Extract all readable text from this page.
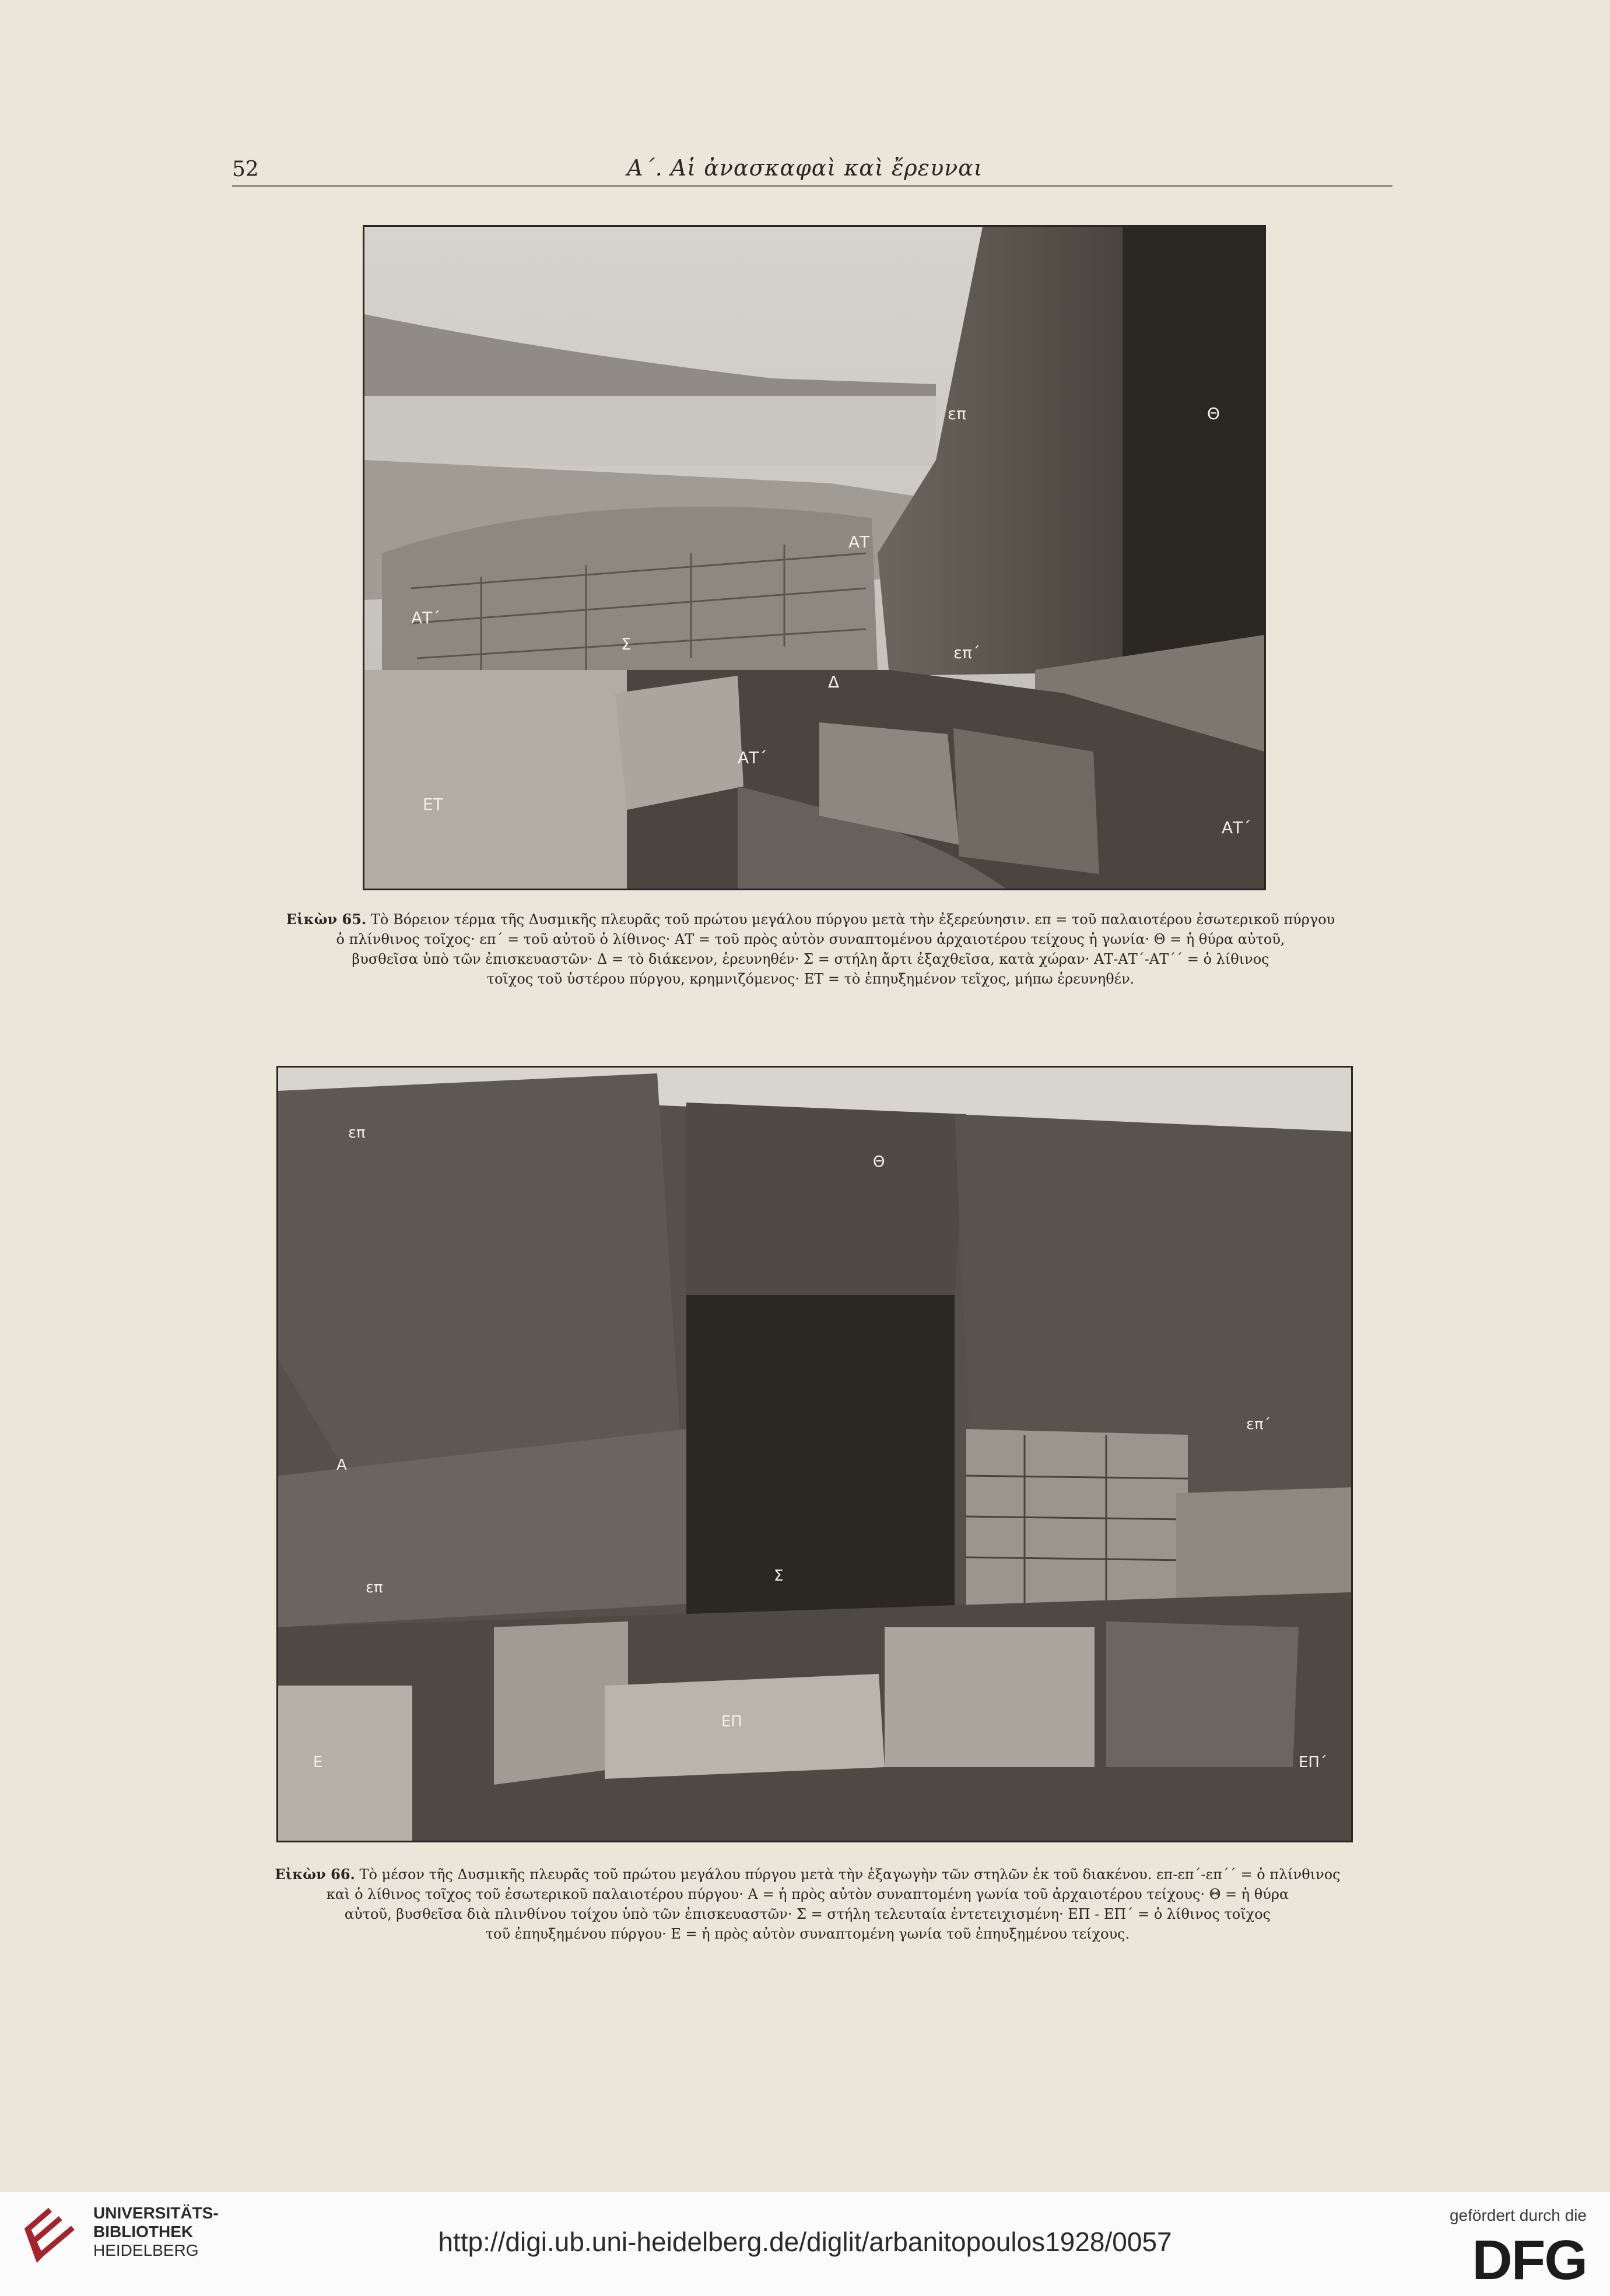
52	Α΄. Αἱ ἀνασκαφαὶ καὶ ἔρευναι
επ	Θ
ΑΤ
Σ
Δ
ΑΤ΄
ΑΤ΄
επ΄
ΕΤ
ΑΤ΄
Εἰκὼν 65. Τὸ Βόρειον τέρμα τῆς Δυσμικῆς πλευρᾶς τοῦ πρώτου μεγάλου πύργου μετὰ τὴν ἐξερεύνησιν. επ = τοῦ παλαιοτέρου ἐσωτερικοῦ πύργου
ὁ πλίνθινος τοῖχος· επ΄ = τοῦ αὐτοῦ ὁ λίθινος· ΑΤ = τοῦ πρὸς αὐτὸν συναπτομένου ἀρχαιοτέρου τείχους ἡ γωνία· Θ = ἡ θύρα αὐτοῦ,
βυσθεῖσα ὑπὸ τῶν ἐπισκευαστῶν· Δ = τὸ διάκενον, ἐρευνηθέν· Σ = στήλη ἄρτι ἐξαχθεῖσα, κατὰ χώραν· ΑΤ-ΑΤ΄-ΑΤ΄΄ = ὁ λίθινος
τοῖχος τοῦ ὑστέρου πύργου, κρημνιζόμενος· ΕΤ = τὸ ἐπηυξημένον τεῖχος, μήπω ἐρευνηθέν.
επ
Θ
επ΄
Α
επ
Σ
ΕΠ
Ε	ΕΠ΄
Εἰκὼν 66. Τὸ μέσον τῆς Δυσμικῆς πλευρᾶς τοῦ πρώτου μεγάλου πύργου μετὰ τὴν ἐξαγωγὴν τῶν στηλῶν ἐκ τοῦ διακένου. επ-επ΄-επ΄΄ = ὁ πλίνθινος
καὶ ὁ λίθινος τοῖχος τοῦ ἐσωτερικοῦ παλαιοτέρου πύργου· Α = ἡ πρὸς αὐτὸν συναπτομένη γωνία τοῦ ἀρχαιοτέρου τείχους· Θ = ἡ θύρα
αὐτοῦ, βυσθεῖσα διὰ πλινθίνου τοίχου ὑπὸ τῶν ἐπισκευαστῶν· Σ = στήλη τελευταία ἐντετειχισμένη· ΕΠ - ΕΠ΄ = ὁ λίθινος τοῖχος
τοῦ ἐπηυξημένου πύργου· Ε = ἡ πρὸς αὐτὸν συναπτομένη γωνία τοῦ ἐπηυξημένου τείχους.
UNIVERSITÄTS-
BIBLIOTHEK
HEIDELBERG	http://digi.ub.uni-heidelberg.de/diglit/arbanitopoulos1928/0057
gefördert durch die
DFG
